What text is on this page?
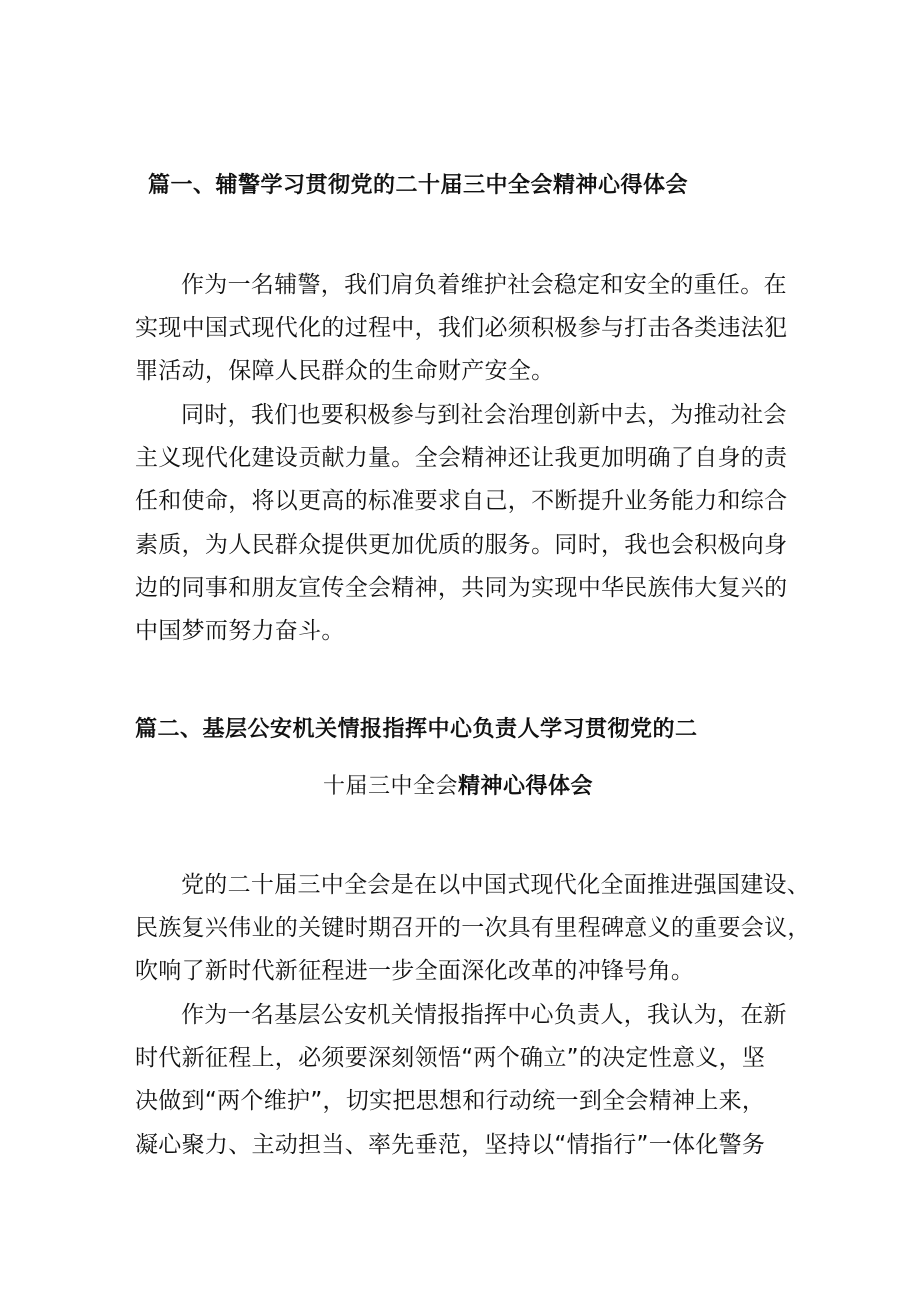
篇一、辅警学习贯彻党的二十届三中全会精神心得体会

作为一名辅警，我们肩负着维护社会稳定和安全的重任。在
实现中国式现代化的过程中，我们必须积极参与打击各类违法犯
罪活动，保障人民群众的生命财产安全。

同时，我们也要积极参与到社会治理创新中去，为推动社会
主义现代化建设贡献力量。全会精神还让我更加明确了自身的责
任和使命，将以更高的标准要求自己，不断提升业务能力和综合
素质，为人民群众提供更加优质的服务。同时，我也会积极向身
边的同事和朋友宣传全会精神，共同为实现中华民族伟大复兴的
中国梦而努力奋斗。

篇二、基层公安机关情报指挥中心负责人学习贯彻党的二
十届三中全会精神心得体会

党的二十届三中全会是在以中国式现代化全面推进强国建设、
民族复兴伟业的关键时期召开的一次具有里程碑意义的重要会议，
吹响了新时代新征程进一步全面深化改革的冲锋号角。

作为一名基层公安机关情报指挥中心负责人，我认为，在新
时代新征程上，必须要深刻领悟“两个确立”的决定性意义，坚
决做到“两个维护”，切实把思想和行动统一到全会精神上来，
凝心聚力、主动担当、率先垂范，坚持以“情指行”一体化警务
